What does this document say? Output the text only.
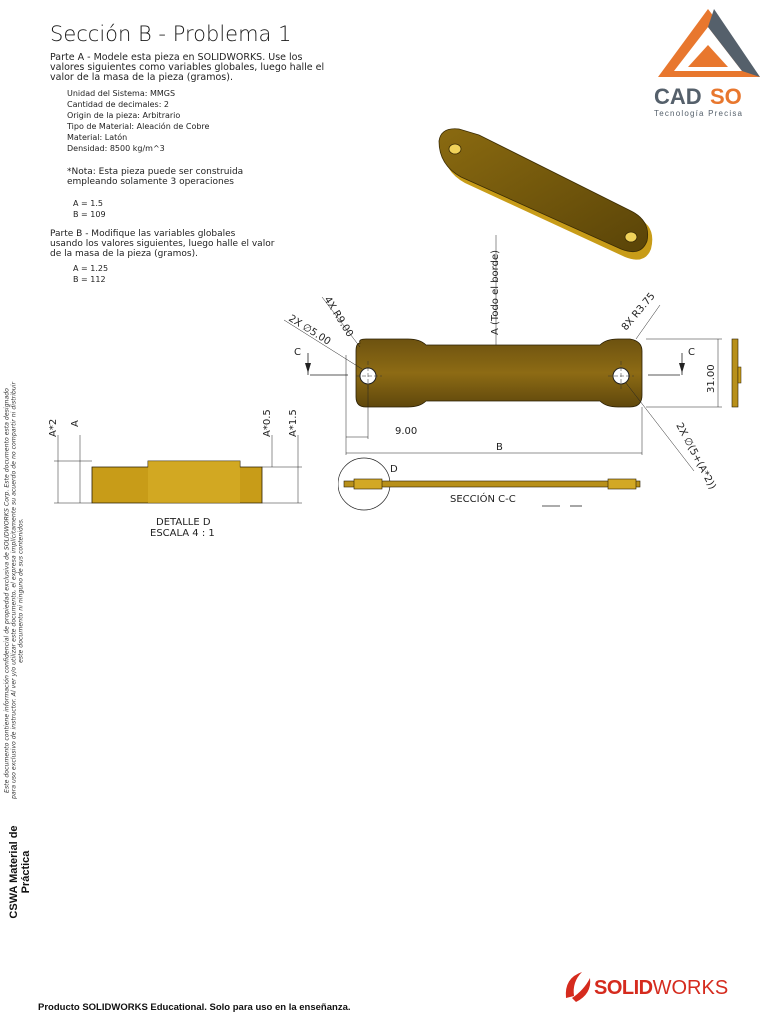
Sección B - Problema 1
Parte A - Modele esta pieza en SOLIDWORKS. Use los
valores siguientes como variables globales, luego halle el
valor de la masa de la pieza (gramos).
Unidad del Sistema: MMGS
Cantidad de decimales: 2
Origin de la pieza: Arbitrario
Tipo de Material: Aleación de Cobre
Material: Latón
Densidad: 8500 kg/m^3
*Nota: Esta pieza puede ser construida
empleando solamente 3 operaciones
A = 1.5
B = 109
Parte B - Modifique las variables globales
usando los valores siguientes, luego halle el valor
de la masa de la pieza (gramos).
A = 1.25
B = 112
CAD SO
Tecnología Precisa
C	C
31.00
9.00
B
2X ∅5.00
4X R9.00	A (Todo el borde)	8X R3.75
2X ∅(5+(A*2))
D
SECCIÓN C-C
A*2 A	A*0.5 A*1.5
DETALLE D
ESCALA 4 : 1
Este documento contiene información confidencial de propiedad exclusiva de SOLIDWORKS Corp. Este documento esta designado para uso exclusivo de instructor. Al ver y/o utilizar este documento, el expresa implícitamente su acuerdo de no compartir ni distribuir este documento ni ninguno de sus contenidos.
CSWA Material de Práctica
Producto SOLIDWORKS Educational. Solo para uso en la enseñanza.
SOLID WORKS
